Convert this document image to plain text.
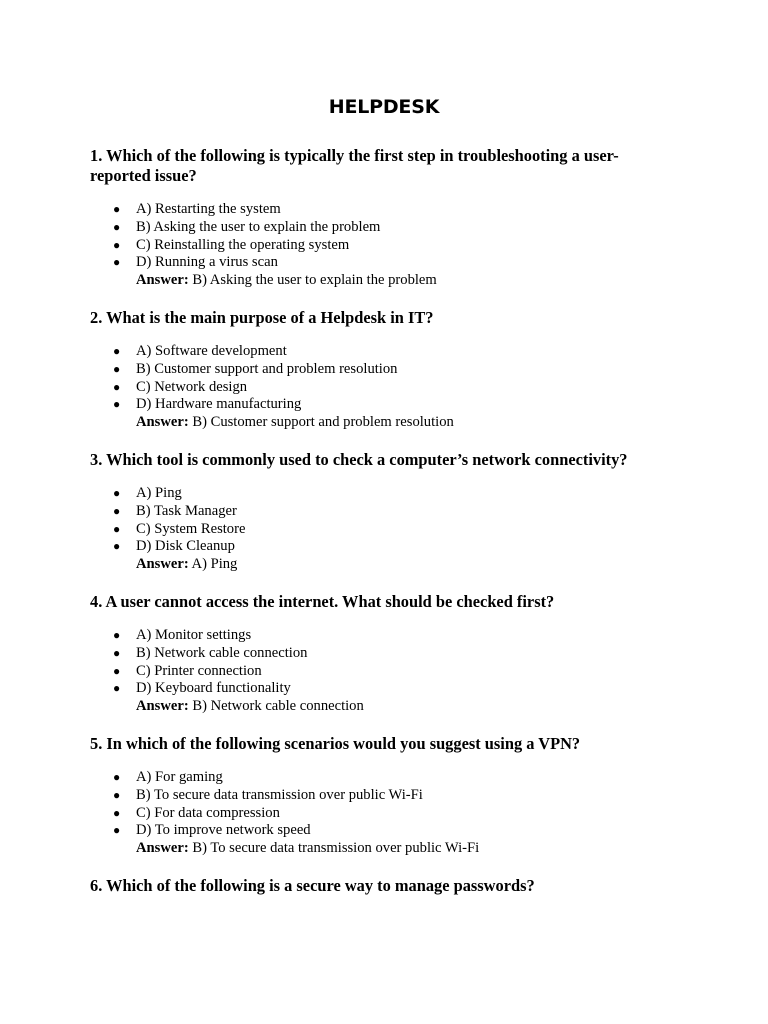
HELPDESK

1. Which of the following is typically the first step in troubleshooting a user-reported issue?

● A) Restarting the system
● B) Asking the user to explain the problem
● C) Reinstalling the operating system
● D) Running a virus scan
Answer: B) Asking the user to explain the problem

2. What is the main purpose of a Helpdesk in IT?

● A) Software development
● B) Customer support and problem resolution
● C) Network design
● D) Hardware manufacturing
Answer: B) Customer support and problem resolution

3. Which tool is commonly used to check a computer’s network connectivity?

● A) Ping
● B) Task Manager
● C) System Restore
● D) Disk Cleanup
Answer: A) Ping

4. A user cannot access the internet. What should be checked first?

● A) Monitor settings
● B) Network cable connection
● C) Printer connection
● D) Keyboard functionality
Answer: B) Network cable connection

5. In which of the following scenarios would you suggest using a VPN?

● A) For gaming
● B) To secure data transmission over public Wi-Fi
● C) For data compression
● D) To improve network speed
Answer: B) To secure data transmission over public Wi-Fi

6. Which of the following is a secure way to manage passwords?
